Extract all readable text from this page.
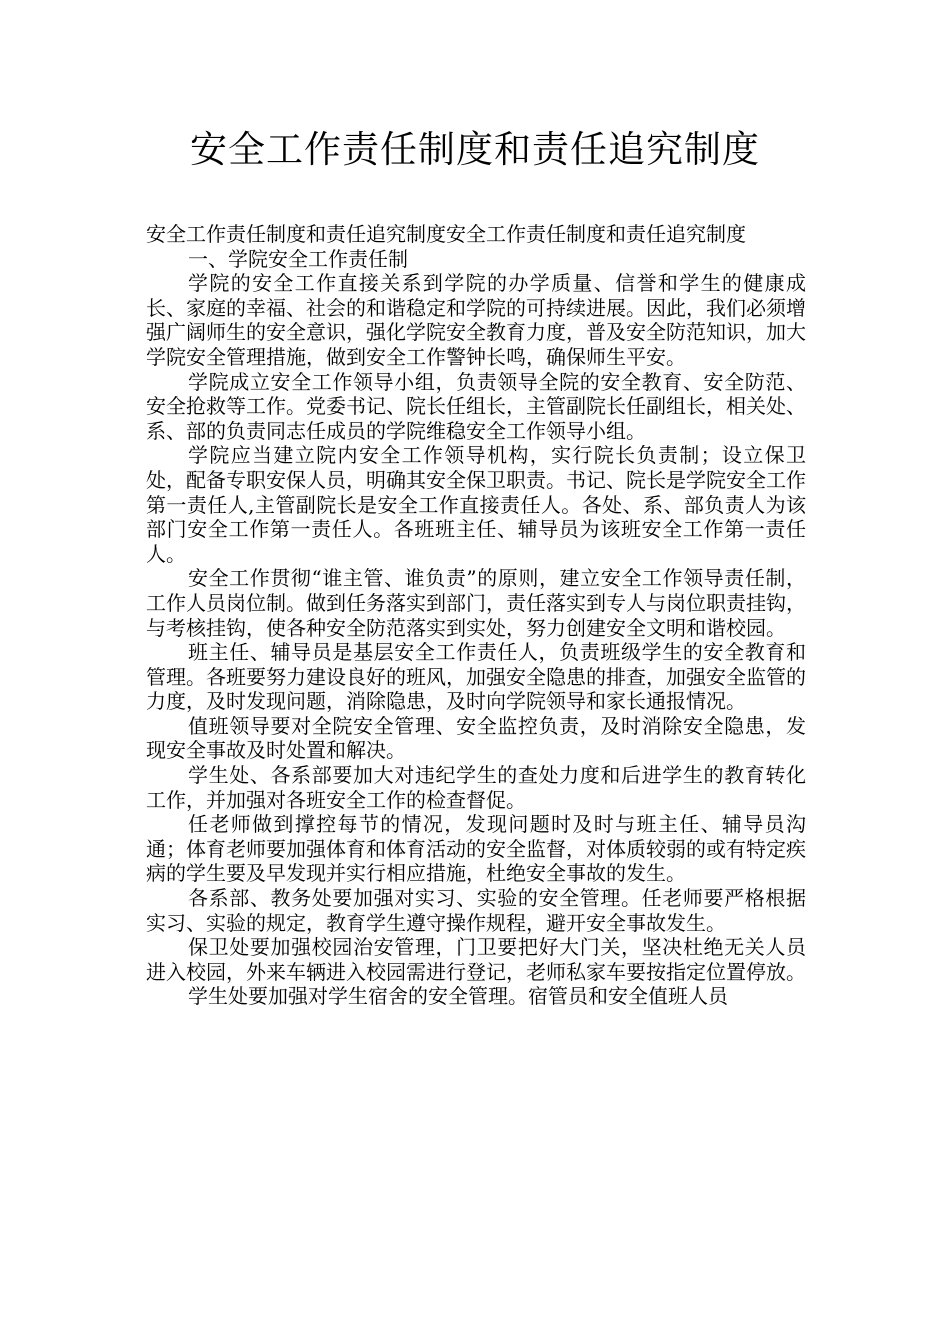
安全工作责任制度和责任追究制度

安全工作责任制度和责任追究制度安全工作责任制度和责任追究制度

一、学院安全工作责任制

学院的安全工作直接关系到学院的办学质量、信誉和学生的健康成长、家庭的幸福、社会的和谐稳定和学院的可持续进展。因此，我们必须增强广阔师生的安全意识，强化学院安全教育力度，普及安全防范知识，加大学院安全管理措施，做到安全工作警钟长鸣，确保师生平安。

学院成立安全工作领导小组，负责领导全院的安全教育、安全防范、安全抢救等工作。党委书记、院长任组长，主管副院长任副组长，相关处、系、部的负责同志任成员的学院维稳安全工作领导小组。

学院应当建立院内安全工作领导机构，实行院长负责制；设立保卫处，配备专职安保人员，明确其安全保卫职责。书记、院长是学院安全工作第一责任人,主管副院长是安全工作直接责任人。各处、系、部负责人为该部门安全工作第一责任人。各班班主任、辅导员为该班安全工作第一责任人。

安全工作贯彻“谁主管、谁负责”的原则，建立安全工作领导责任制，工作人员岗位制。做到任务落实到部门，责任落实到专人与岗位职责挂钩，与考核挂钩，使各种安全防范落实到实处，努力创建安全文明和谐校园。

班主任、辅导员是基层安全工作责任人，负责班级学生的安全教育和管理。各班要努力建设良好的班风，加强安全隐患的排查，加强安全监管的力度，及时发现问题，消除隐患，及时向学院领导和家长通报情况。

值班领导要对全院安全管理、安全监控负责，及时消除安全隐患，发现安全事故及时处置和解决。

学生处、各系部要加大对违纪学生的查处力度和后进学生的教育转化工作，并加强对各班安全工作的检查督促。

任老师做到撑控每节的情况，发现问题时及时与班主任、辅导员沟通；体育老师要加强体育和体育活动的安全监督，对体质较弱的或有特定疾病的学生要及早发现并实行相应措施，杜绝安全事故的发生。

各系部、教务处要加强对实习、实验的安全管理。任老师要严格根据实习、实验的规定，教育学生遵守操作规程，避开安全事故发生。

保卫处要加强校园治安管理，门卫要把好大门关，坚决杜绝无关人员进入校园，外来车辆进入校园需进行登记，老师私家车要按指定位置停放。

学生处要加强对学生宿舍的安全管理。宿管员和安全值班人员
